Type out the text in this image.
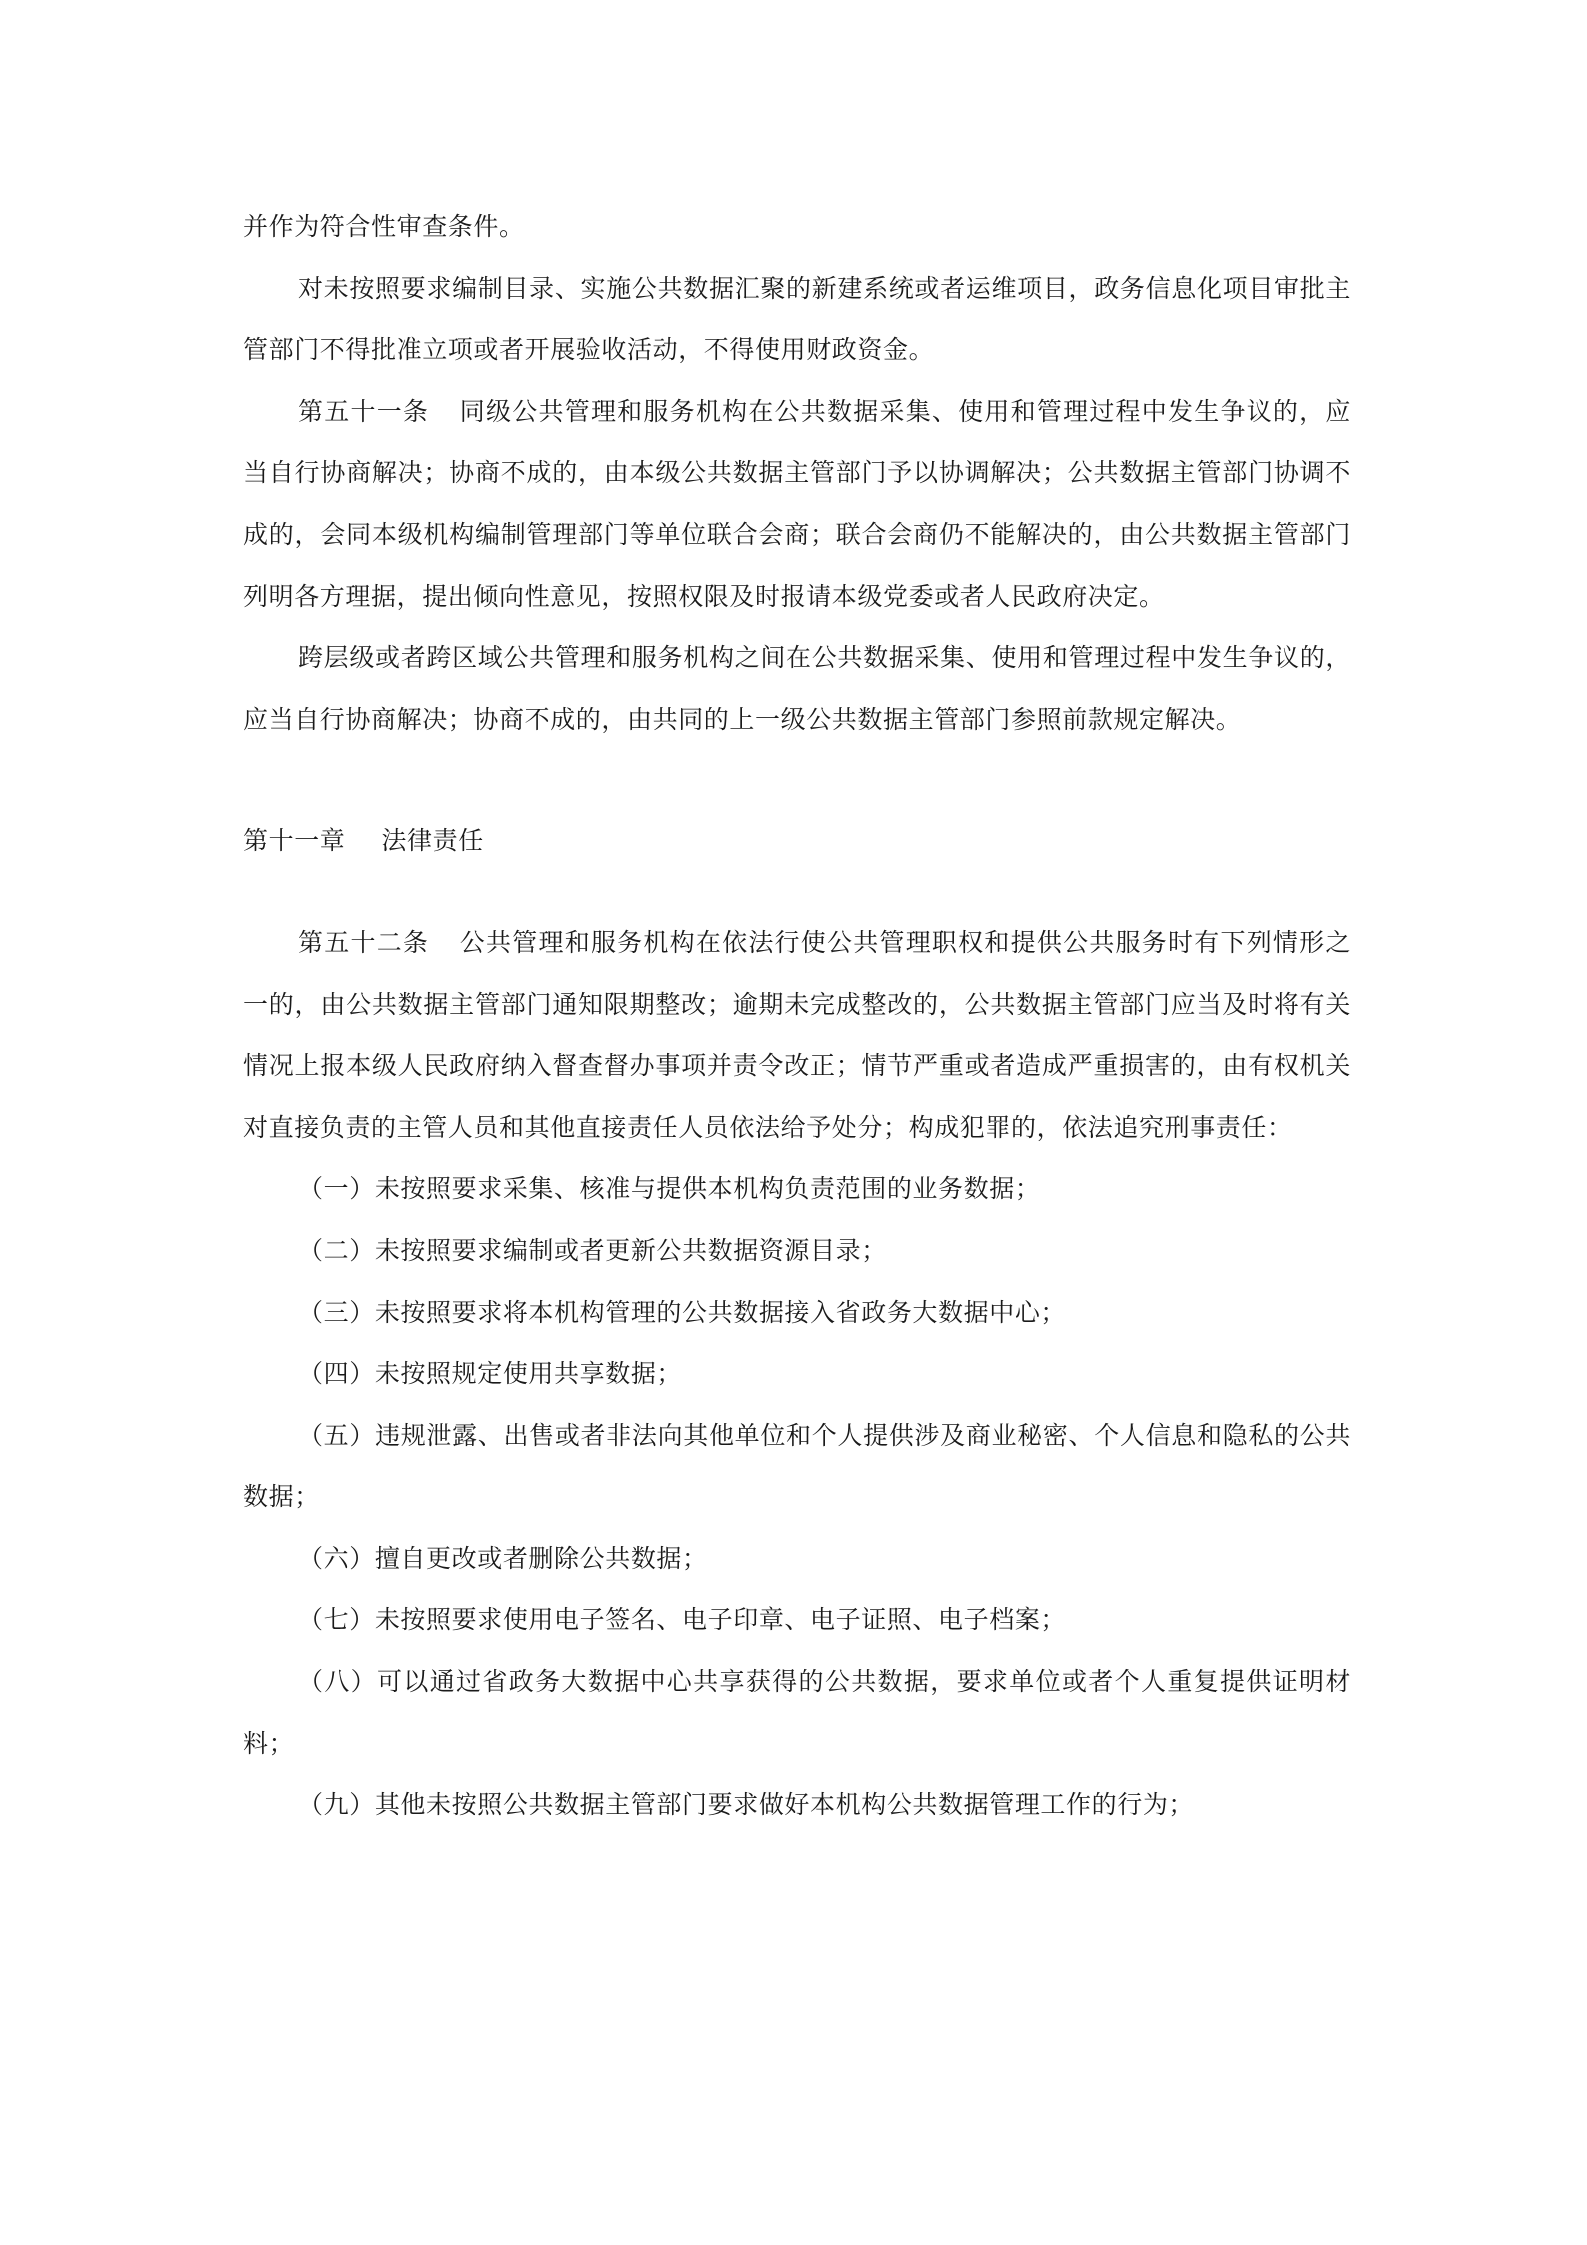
并作为符合性审查条件。

对未按照要求编制目录、实施公共数据汇聚的新建系统或者运维项目，政务信息化项目审批主管部门不得批准立项或者开展验收活动，不得使用财政资金。

第五十一条 同级公共管理和服务机构在公共数据采集、使用和管理过程中发生争议的，应当自行协商解决；协商不成的，由本级公共数据主管部门予以协调解决；公共数据主管部门协调不成的，会同本级机构编制管理部门等单位联合会商；联合会商仍不能解决的，由公共数据主管部门列明各方理据，提出倾向性意见，按照权限及时报请本级党委或者人民政府决定。

跨层级或者跨区域公共管理和服务机构之间在公共数据采集、使用和管理过程中发生争议的，应当自行协商解决；协商不成的，由共同的上一级公共数据主管部门参照前款规定解决。

第十一章 法律责任

第五十二条 公共管理和服务机构在依法行使公共管理职权和提供公共服务时有下列情形之一的，由公共数据主管部门通知限期整改；逾期未完成整改的，公共数据主管部门应当及时将有关情况上报本级人民政府纳入督查督办事项并责令改正；情节严重或者造成严重损害的，由有权机关对直接负责的主管人员和其他直接责任人员依法给予处分；构成犯罪的，依法追究刑事责任：

（一）未按照要求采集、核准与提供本机构负责范围的业务数据；

（二）未按照要求编制或者更新公共数据资源目录；

（三）未按照要求将本机构管理的公共数据接入省政务大数据中心；

（四）未按照规定使用共享数据；

（五）违规泄露、出售或者非法向其他单位和个人提供涉及商业秘密、个人信息和隐私的公共数据；

（六）擅自更改或者删除公共数据；

（七）未按照要求使用电子签名、电子印章、电子证照、电子档案；

（八）可以通过省政务大数据中心共享获得的公共数据，要求单位或者个人重复提供证明材料；

（九）其他未按照公共数据主管部门要求做好本机构公共数据管理工作的行为；
